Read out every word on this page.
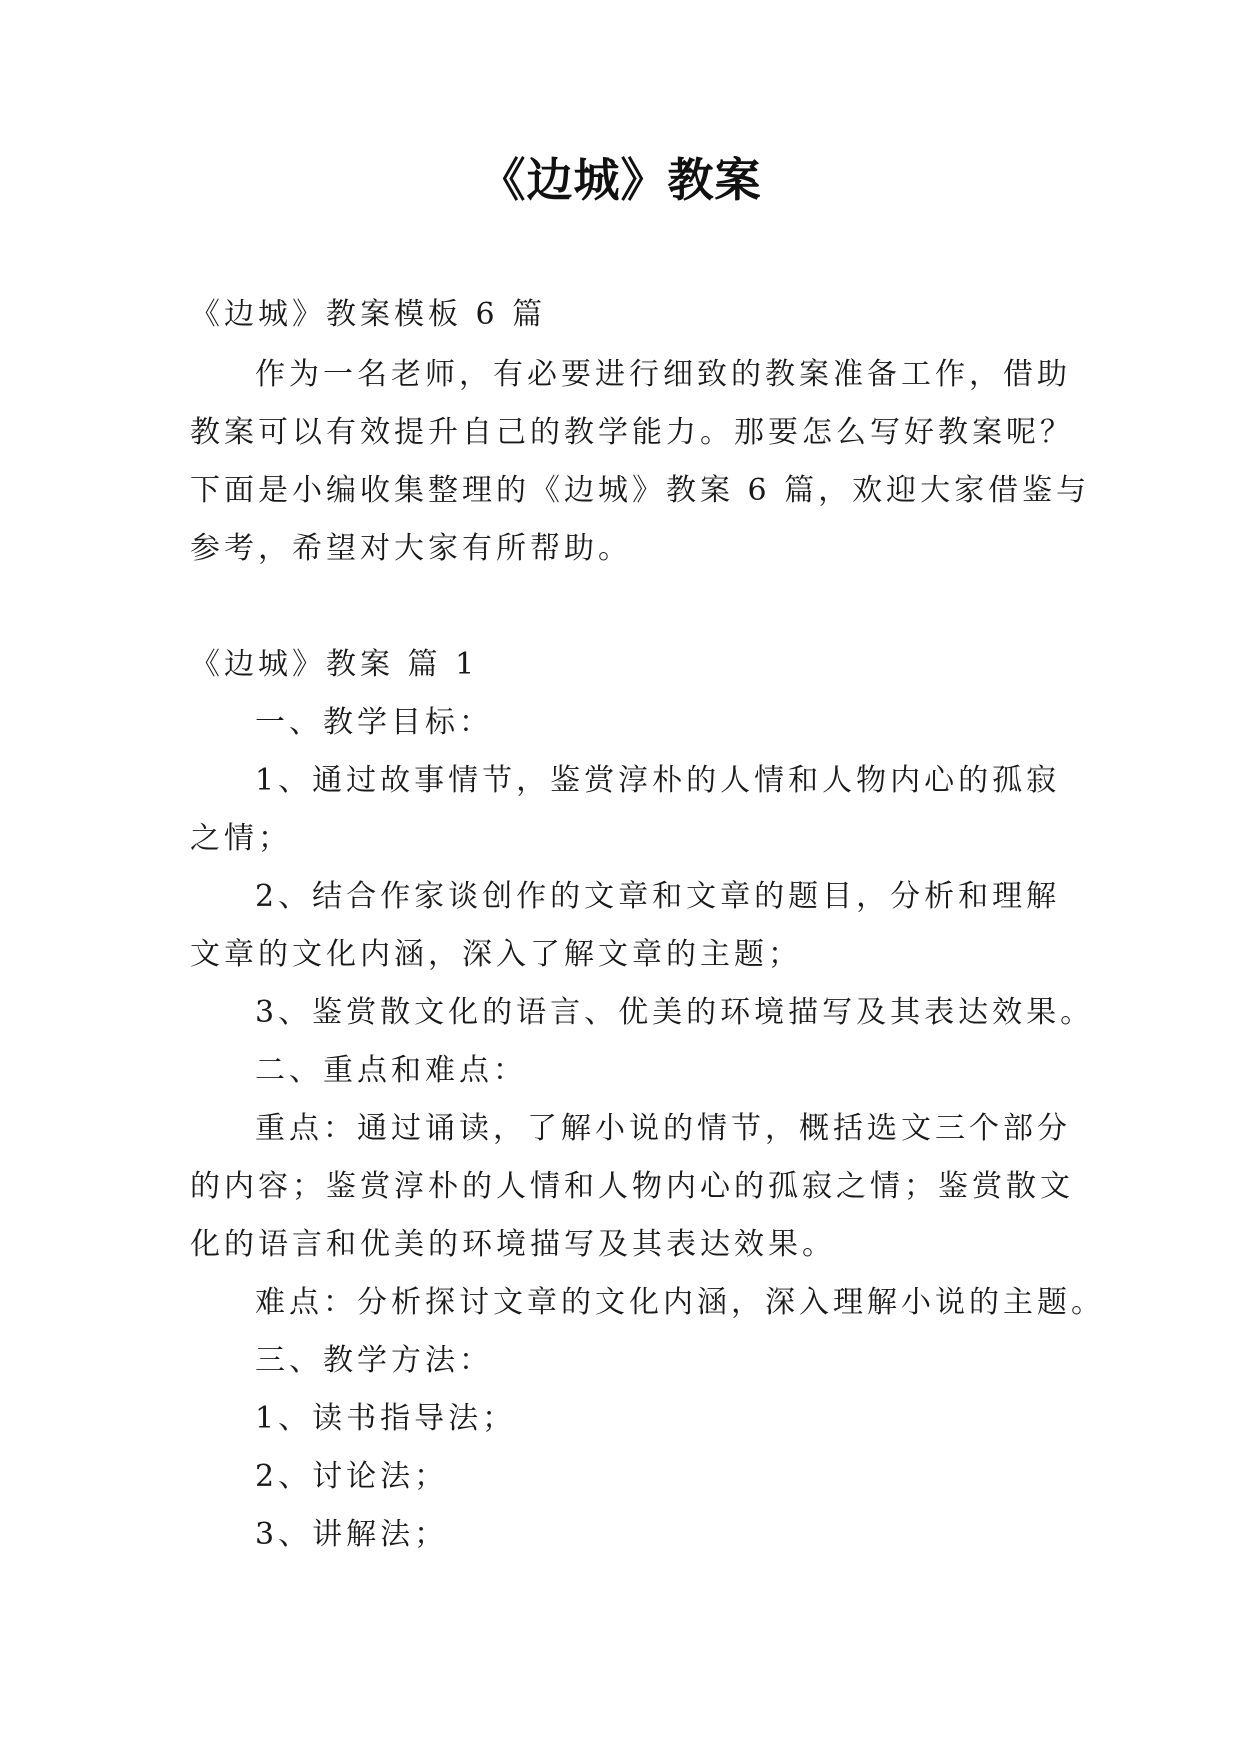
《边城》教案
《边城》教案模板 6 篇
作为一名老师，有必要进行细致的教案准备工作，借助
教案可以有效提升自己的教学能力。那要怎么写好教案呢？
下面是小编收集整理的《边城》教案 6 篇，欢迎大家借鉴与
参考，希望对大家有所帮助。
《边城》教案 篇 1
一、教学目标：
1、通过故事情节，鉴赏淳朴的人情和人物内心的孤寂
之情；
2、结合作家谈创作的文章和文章的题目，分析和理解
文章的文化内涵，深入了解文章的主题；
3、鉴赏散文化的语言、优美的环境描写及其表达效果。
二、重点和难点：
重点：通过诵读，了解小说的情节，概括选文三个部分
的内容；鉴赏淳朴的人情和人物内心的孤寂之情；鉴赏散文
化的语言和优美的环境描写及其表达效果。
难点：分析探讨文章的文化内涵，深入理解小说的主题。
三、教学方法：
1、读书指导法；
2、讨论法；
3、讲解法；
